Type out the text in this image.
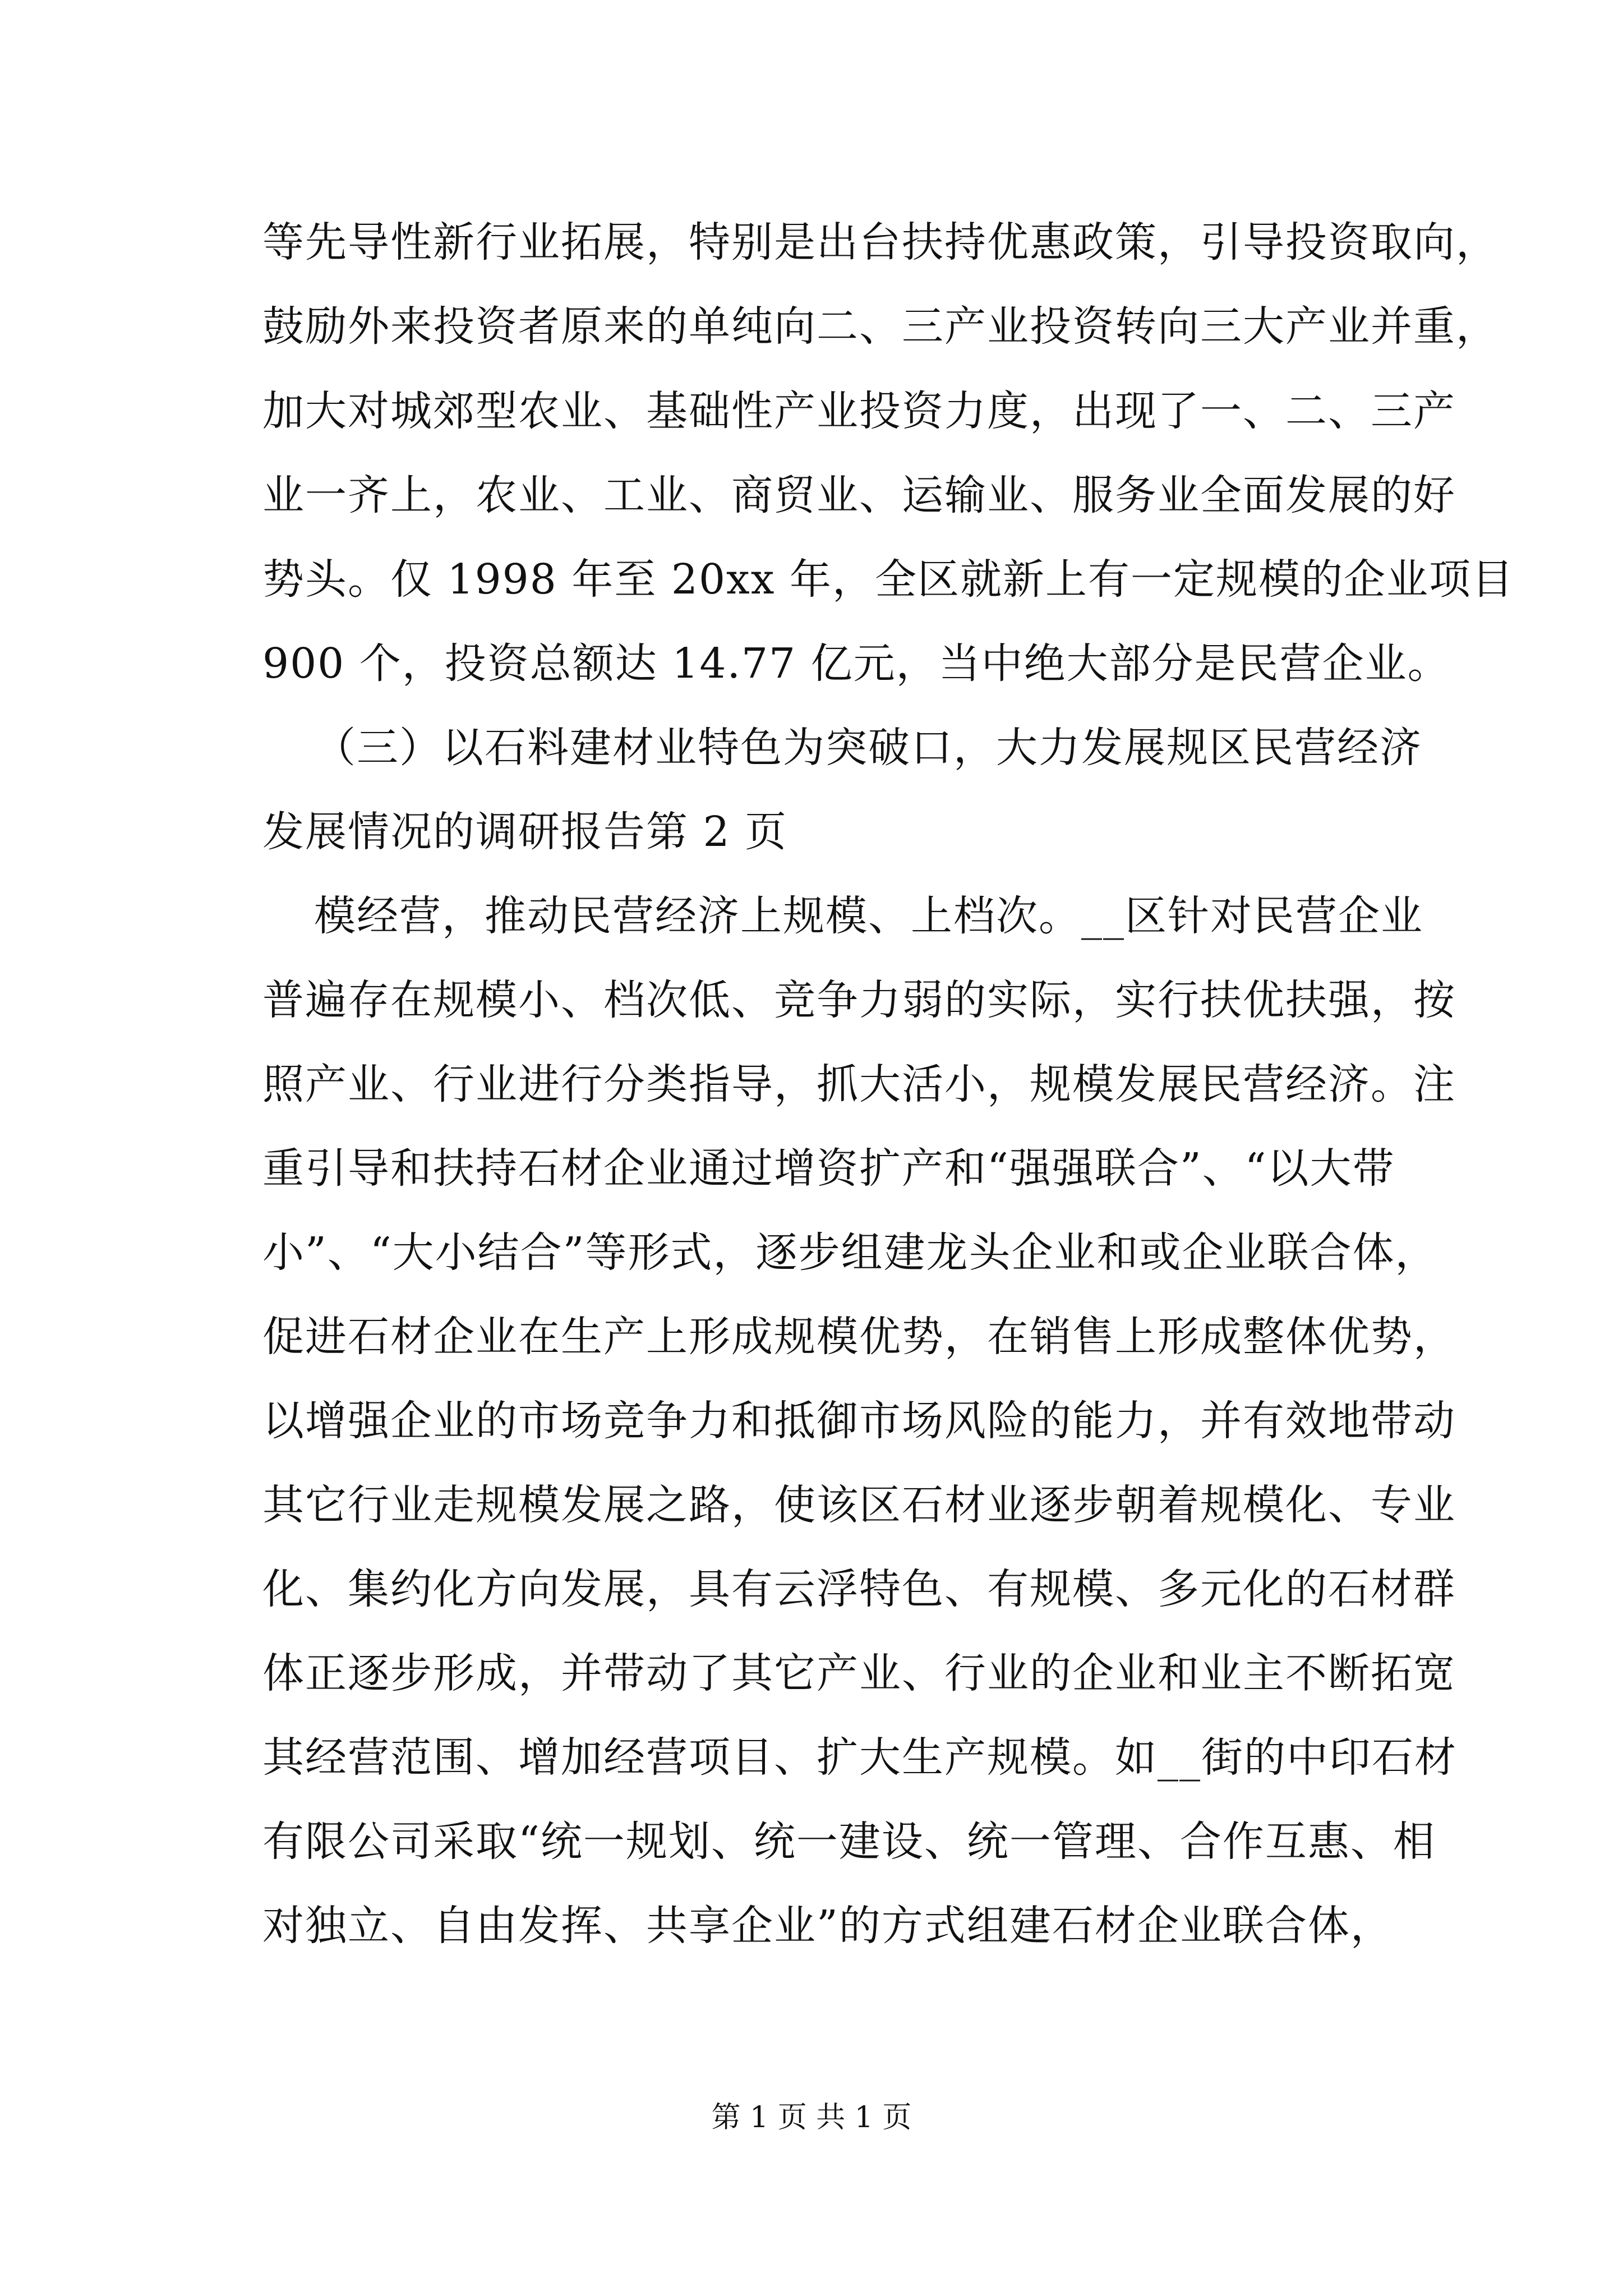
等先导性新行业拓展，特别是出台扶持优惠政策，引导投资取向，

鼓励外来投资者原来的单纯向二、三产业投资转向三大产业并重，

加大对城郊型农业、基础性产业投资力度，出现了一、二、三产

业一齐上，农业、工业、商贸业、运输业、服务业全面发展的好

势头。仅 1998 年至 20xx 年，全区就新上有一定规模的企业项目

900 个，投资总额达 14.77 亿元，当中绝大部分是民营企业。

（三）以石料建材业特色为突破口，大力发展规区民营经济

发展情况的调研报告第 2 页

模经营，推动民营经济上规模、上档次。__区针对民营企业

普遍存在规模小、档次低、竞争力弱的实际，实行扶优扶强，按

照产业、行业进行分类指导，抓大活小，规模发展民营经济。注

重引导和扶持石材企业通过增资扩产和“强强联合”、“以大带

小”、“大小结合”等形式，逐步组建龙头企业和或企业联合体，

促进石材企业在生产上形成规模优势，在销售上形成整体优势，

以增强企业的市场竞争力和抵御市场风险的能力，并有效地带动

其它行业走规模发展之路，使该区石材业逐步朝着规模化、专业

化、集约化方向发展，具有云浮特色、有规模、多元化的石材群

体正逐步形成，并带动了其它产业、行业的企业和业主不断拓宽

其经营范围、增加经营项目、扩大生产规模。如__街的中印石材

有限公司采取“统一规划、统一建设、统一管理、合作互惠、相

对独立、自由发挥、共享企业”的方式组建石材企业联合体，

第 1 页 共 1 页
